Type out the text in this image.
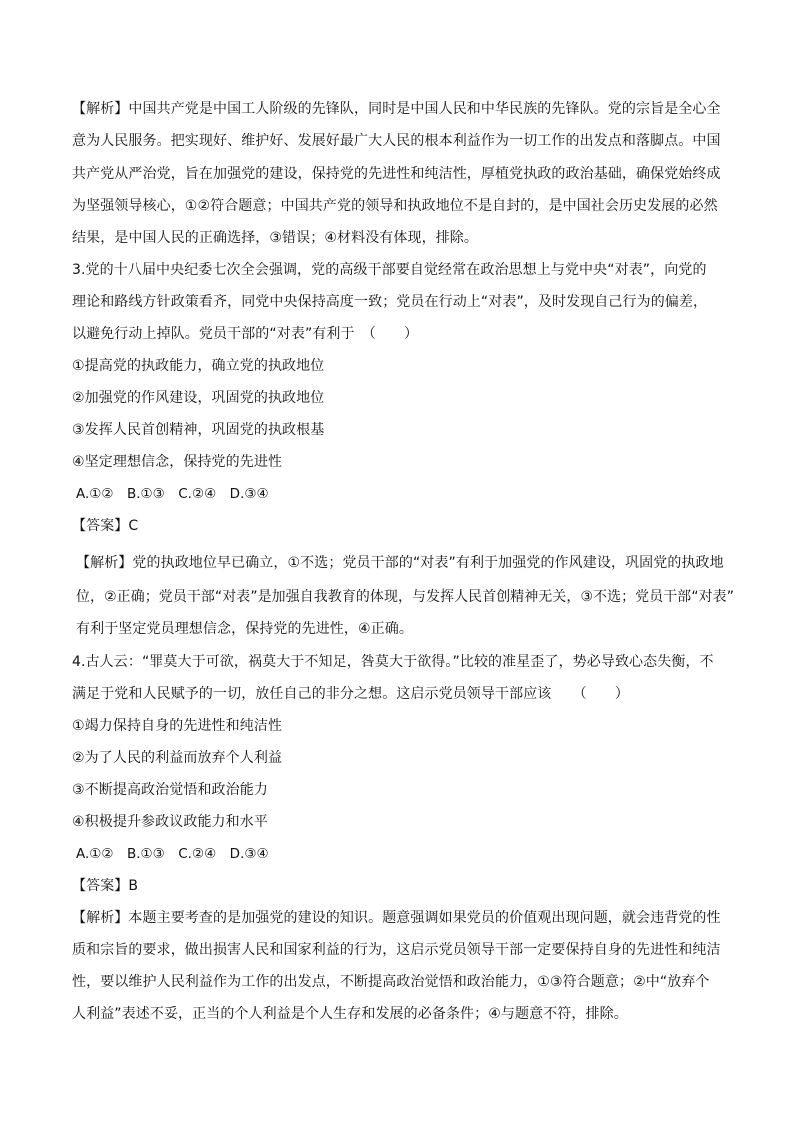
【解析】中国共产党是中国工人阶级的先锋队，同时是中国人民和中华民族的先锋队。党的宗旨是全心全
意为人民服务。把实现好、维护好、发展好最广大人民的根本利益作为一切工作的出发点和落脚点。中国
共产党从严治党，旨在加强党的建设，保持党的先进性和纯洁性，厚植党执政的政治基础，确保党始终成
为坚强领导核心，①②符合题意；中国共产党的领导和执政地位不是自封的，是中国社会历史发展的必然
结果，是中国人民的正确选择，③错误；④材料没有体现，排除。
3.党的十八届中央纪委七次全会强调，党的高级干部要自觉经常在政治思想上与党中央“对表”，向党的
理论和路线方针政策看齐，同党中央保持高度一致；党员在行动上“对表”，及时发现自己行为的偏差，
以避免行动上掉队。党员干部的“对表”有利于　（　　）
①提高党的执政能力，确立党的执政地位
②加强党的作风建设，巩固党的执政地位
③发挥人民首创精神，巩固党的执政根基
④坚定理想信念，保持党的先进性
A.①②　B.①③　C.②④　D.③④
【答案】C
【解析】党的执政地位早已确立，①不选；党员干部的“对表”有利于加强党的作风建设，巩固党的执政地
位，②正确；党员干部“对表”是加强自我教育的体现，与发挥人民首创精神无关，③不选；党员干部“对表”
有利于坚定党员理想信念，保持党的先进性，④正确。
4.古人云：“罪莫大于可欲，祸莫大于不知足，咎莫大于欲得。”比较的准星歪了，势必导致心态失衡，不
满足于党和人民赋予的一切，放任自己的非分之想。这启示党员领导干部应该　　（　　）
①竭力保持自身的先进性和纯洁性
②为了人民的利益而放弃个人利益
③不断提高政治觉悟和政治能力
④积极提升参政议政能力和水平
A.①②　B.①③　C.②④　D.③④
【答案】B
【解析】本题主要考查的是加强党的建设的知识。题意强调如果党员的价值观出现问题，就会违背党的性
质和宗旨的要求，做出损害人民和国家利益的行为，这启示党员领导干部一定要保持自身的先进性和纯洁
性，要以维护人民利益作为工作的出发点，不断提高政治觉悟和政治能力，①③符合题意；②中“放弃个
人利益”表述不妥，正当的个人利益是个人生存和发展的必备条件；④与题意不符，排除。
